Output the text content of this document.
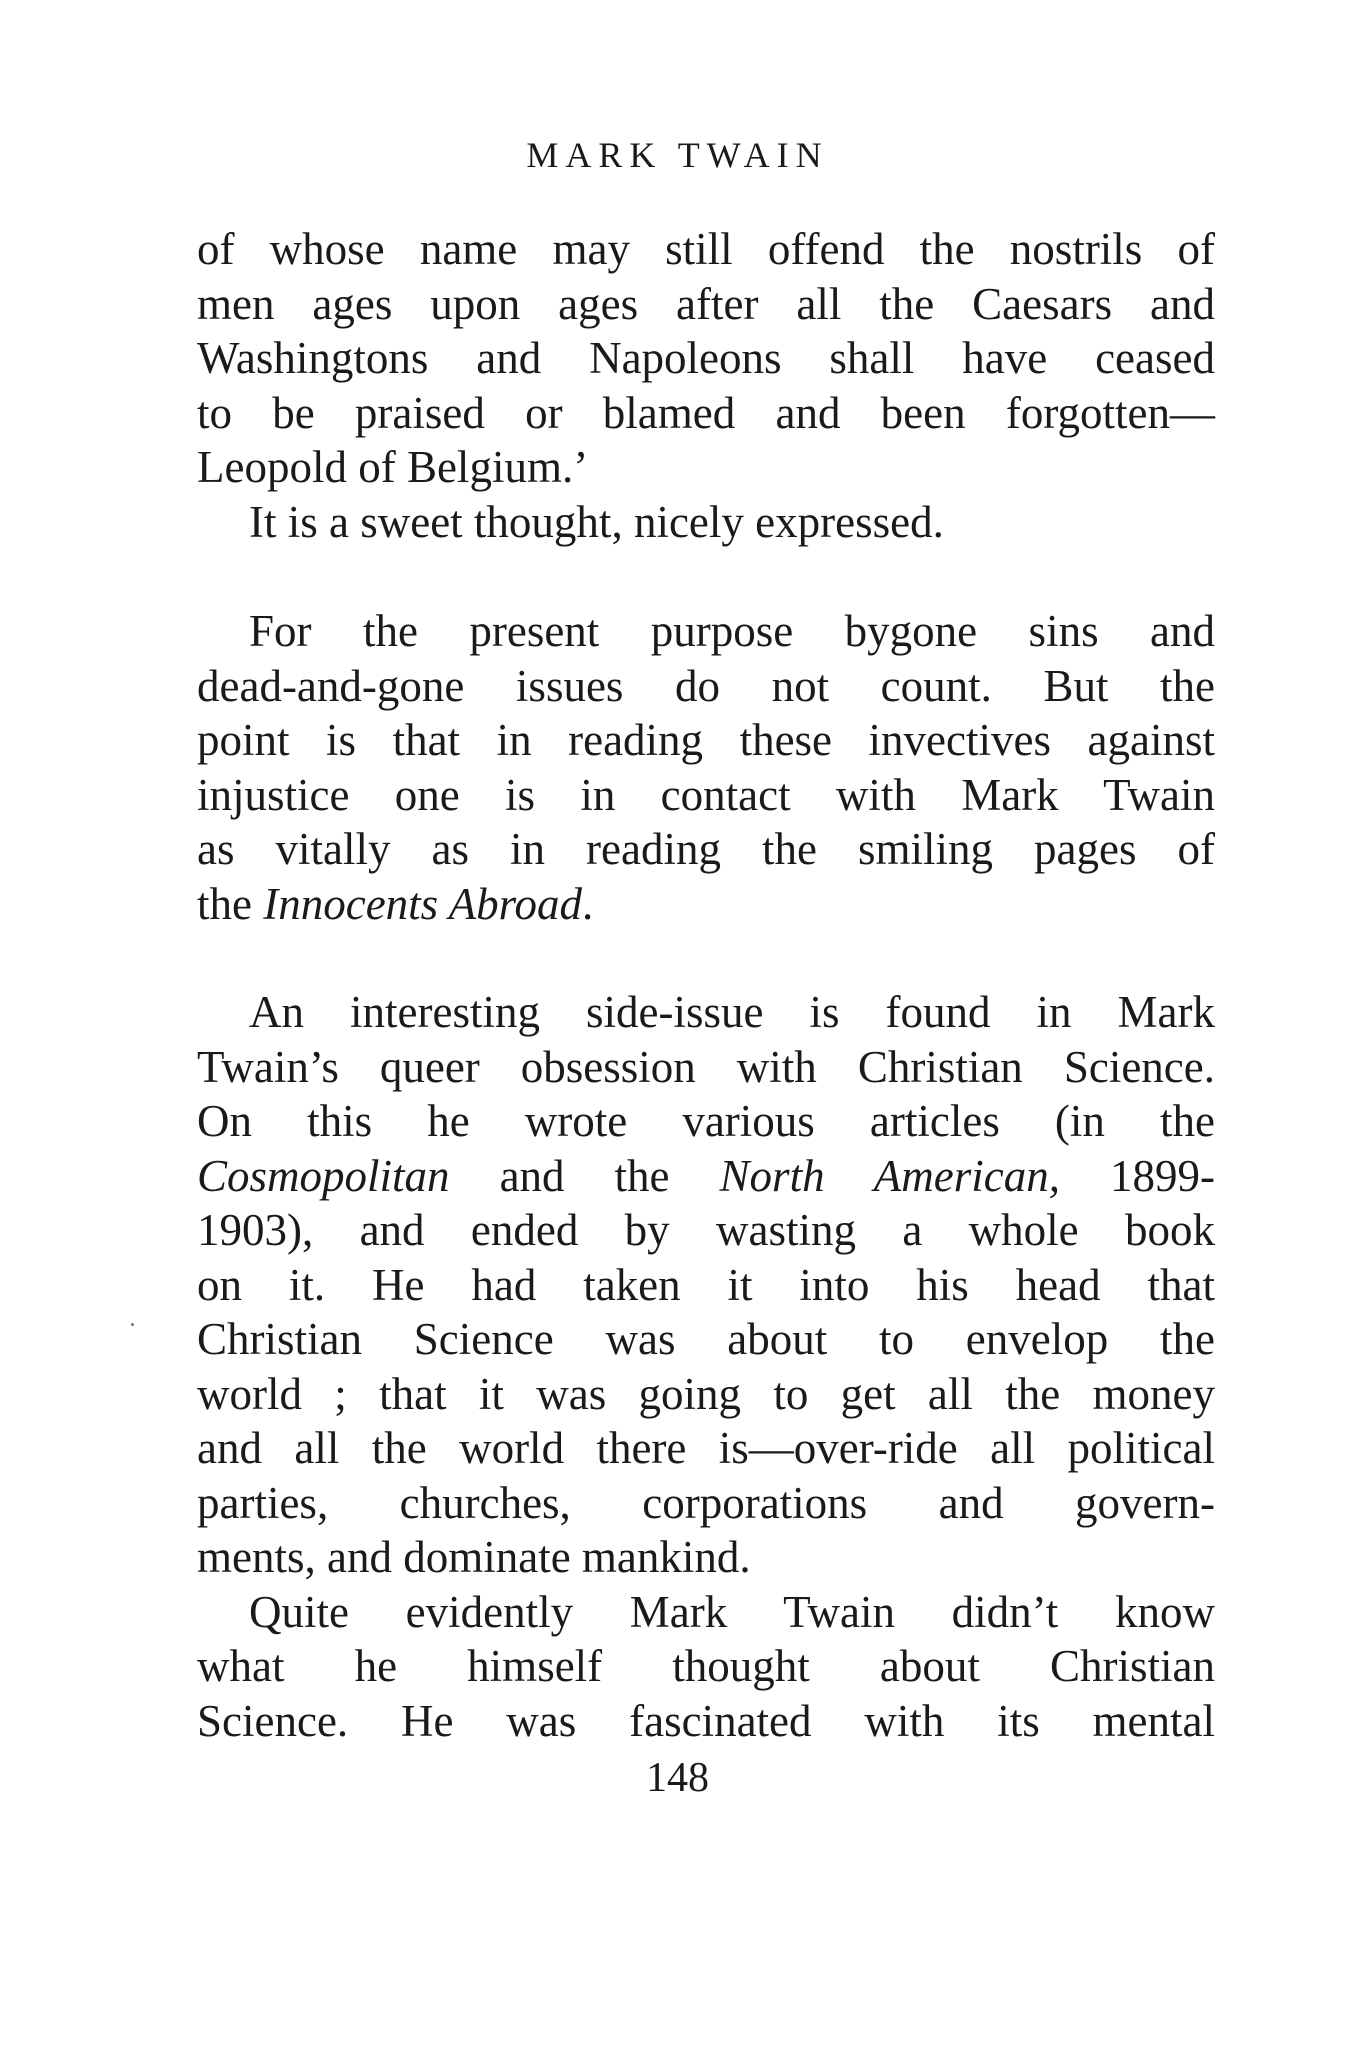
MARK TWAIN
of whose name may still offend the nostrils of
men ages upon ages after all the Caesars and
Washingtons and Napoleons shall have ceased
to be praised or blamed and been forgotten—
Leopold of Belgium.’
It is a sweet thought, nicely expressed.
For the present purpose bygone sins and
dead-and-gone issues do not count. But the
point is that in reading these invectives against
injustice one is in contact with Mark Twain
as vitally as in reading the smiling pages of
the Innocents Abroad.
An interesting side-issue is found in Mark
Twain’s queer obsession with Christian Science.
On this he wrote various articles (in the
Cosmopolitan and the North American, 1899-
1903), and ended by wasting a whole book
on it. He had taken it into his head that
Christian Science was about to envelop the
world ; that it was going to get all the money
and all the world there is—over-ride all political
parties, churches, corporations and govern-
ments, and dominate mankind.
Quite evidently Mark Twain didn’t know
what he himself thought about Christian
Science. He was fascinated with its mental
148
